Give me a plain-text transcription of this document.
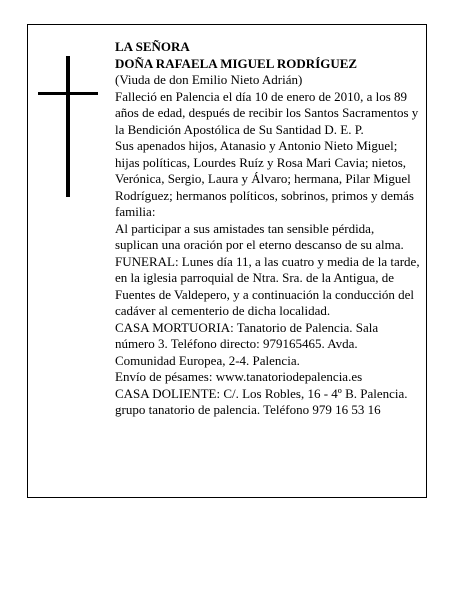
LA SEÑORA

DOÑA RAFAELA MIGUEL RODRÍGUEZ

(Viuda de don Emilio Nieto Adrián)

Falleció en Palencia el día 10 de enero de 2010, a los 89 años de edad, después de recibir los Santos Sacramentos y la Bendición Apostólica de Su Santidad D. E. P.

Sus apenados hijos, Atanasio y Antonio Nieto Miguel; hijas políticas, Lourdes Ruíz y Rosa Mari Cavia; nietos, Verónica, Sergio, Laura y Álvaro; hermana, Pilar Miguel Rodríguez; hermanos políticos, sobrinos, primos y demás familia:

Al participar a sus amistades tan sensible pérdida, suplican una oración por el eterno descanso de su alma.

FUNERAL: Lunes día 11, a las cuatro y media de la tarde, en la iglesia parroquial de Ntra. Sra. de la Antigua, de Fuentes de Valdepero, y a continuación la conducción del cadáver al cementerio de dicha localidad.

CASA MORTUORIA: Tanatorio de Palencia. Sala número 3. Teléfono directo: 979165465. Avda. Comunidad Europea, 2-4. Palencia.

Envío de pésames: www.tanatoriodepalencia.es

CASA DOLIENTE: C/. Los Robles, 16 - 4º B. Palencia.

grupo tanatorio de palencia. Teléfono 979 16 53 16
